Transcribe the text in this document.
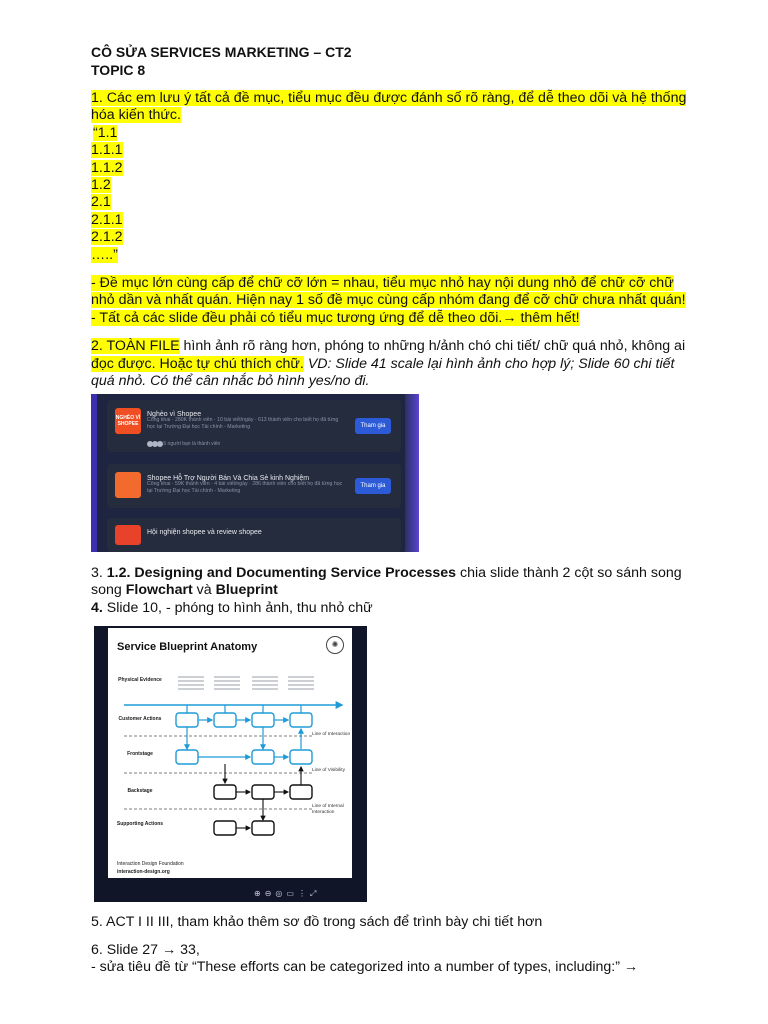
CÔ SỬA SERVICES MARKETING – CT2
TOPIC 8
1. Các em lưu ý tất cả đề mục, tiểu mục đều được đánh số rõ ràng, để dễ theo dõi và hệ thống
hóa kiến thức.
“1.1
1.1.1
1.1.2
1.2
2.1
2.1.1
2.1.2
…..”
- Đề mục lớn cùng cấp để chữ cỡ lớn = nhau, tiểu mục nhỏ hay nội dung nhỏ để chữ cỡ chữ
nhỏ dần và nhất quán. Hiện nay 1 số đề mục cùng cấp nhóm đang để cỡ chữ chưa nhất quán!
- Tất cả các slide đều phải có tiểu mục tương ứng để dễ theo dõi.→ thêm hết!
2. TOÀN FILE hình ảnh rõ ràng hơn, phóng to những h/ảnh chó chi tiết/ chữ quá nhỏ, không ai
đọc được. Hoặc tự chú thích chữ. VD: Slide 41 scale lại hình ảnh cho hợp lý; Slide 60 chi tiết
quá nhỏ. Có thể cân nhắc bỏ hình yes/no đi.
NGHÈO VÌ SHOPEE
Nghèo vì Shopee
Công khai · 280K thành viên · 10 bài viết/ngày · 613 thành viên cho biết họ đã từng học tại Trường Đại học Tài chính - Marketing
5 người bạn là thành viên
Tham gia
Shopee Hỗ Trợ Người Bán Và Chia Sẻ kinh Nghiệm
Công khai · 59K thành viên · 4 bài viết/ngày · 286 thành viên cho biết họ đã từng học tại Trường Đại học Tài chính - Marketing
Tham gia
Hội nghiện shopee và review shopee
3. 1.2. Designing and Documenting Service Processes chia slide thành 2 cột so sánh song
song Flowchart và Blueprint
4. Slide 10, - phóng to hình ảnh, thu nhỏ chữ
Service Blueprint Anatomy	✺
Physical Evidence
Customer Actions
Frontstage
Backstage
Supporting Actions
Line of Interaction
Line of Visibility
Line of Internal Interaction
Interaction Design Foundation
interaction-design.org
⊕⊖◎▭⋮⤢
5. ACT I II III, tham khảo thêm sơ đồ trong sách để trình bày chi tiết hơn
6. Slide 27 → 33,
- sửa tiêu đề từ “These efforts can be categorized into a number of types, including:” →
